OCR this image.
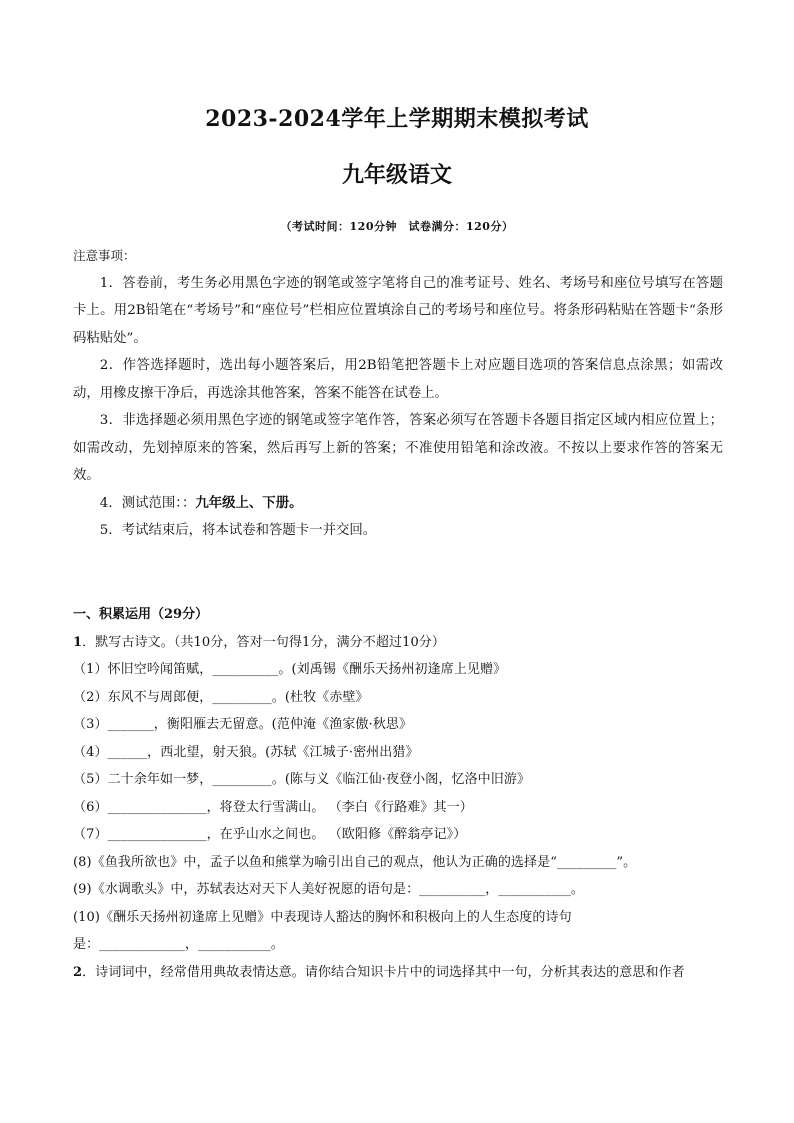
2023-2024学年上学期期末模拟考试
九年级语文
（考试时间：120分钟　试卷满分：120分）
注意事项：

1．答卷前，考生务必用黑色字迹的钢笔或签字笔将自己的准考证号、姓名、考场号和座位号填写在答题卡上。用2B铅笔在“考场号”和“座位号”栏相应位置填涂自己的考场号和座位号。将条形码粘贴在答题卡“条形码粘贴处”。

2．作答选择题时，选出每小题答案后，用2B铅笔把答题卡上对应题目选项的答案信息点涂黑；如需改动，用橡皮擦干净后，再选涂其他答案，答案不能答在试卷上。

3．非选择题必须用黑色字迹的钢笔或签字笔作答，答案必须写在答题卡各题目指定区域内相应位置上；如需改动，先划掉原来的答案，然后再写上新的答案；不准使用铅笔和涂改液。不按以上要求作答的答案无效。

4．测试范围：：九年级上、下册。

5．考试结束后，将本试卷和答题卡一并交回。

一、积累运用（29分）

1．默写古诗文。（共10分，答对一句得1分，满分不超过10分）

（1）怀旧空吟闻笛赋，__________。(刘禹锡《酬乐天扬州初逢席上见赠》

（2）东风不与周郎便，_________。(杜牧《赤壁》

（3）_______，衡阳雁去无留意。(范仲淹《渔家傲·秋思》

（4）______，西北望，射天狼。(苏轼《江城子·密州出猎》

（5）二十余年如一梦，_________。(陈与义《临江仙·夜登小阁，忆洛中旧游》

（6）_______________，将登太行雪满山。 （李白《行路难》其一）

（7）_______________，在乎山水之间也。 （欧阳修《醉翁亭记》）

(8)《鱼我所欲也》中，孟子以鱼和熊掌为喻引出自己的观点，他认为正确的选择是“_________”。

(9)《水调歌头》中，苏轼表达对天下人美好祝愿的语句是：__________，___________。

(10)《酬乐天扬州初逢席上见赠》中表现诗人豁达的胸怀和积极向上的人生态度的诗句

是：_____________，___________。

2．诗词词中，经常借用典故表情达意。请你结合知识卡片中的词选择其中一句，分析其表达的意思和作者
